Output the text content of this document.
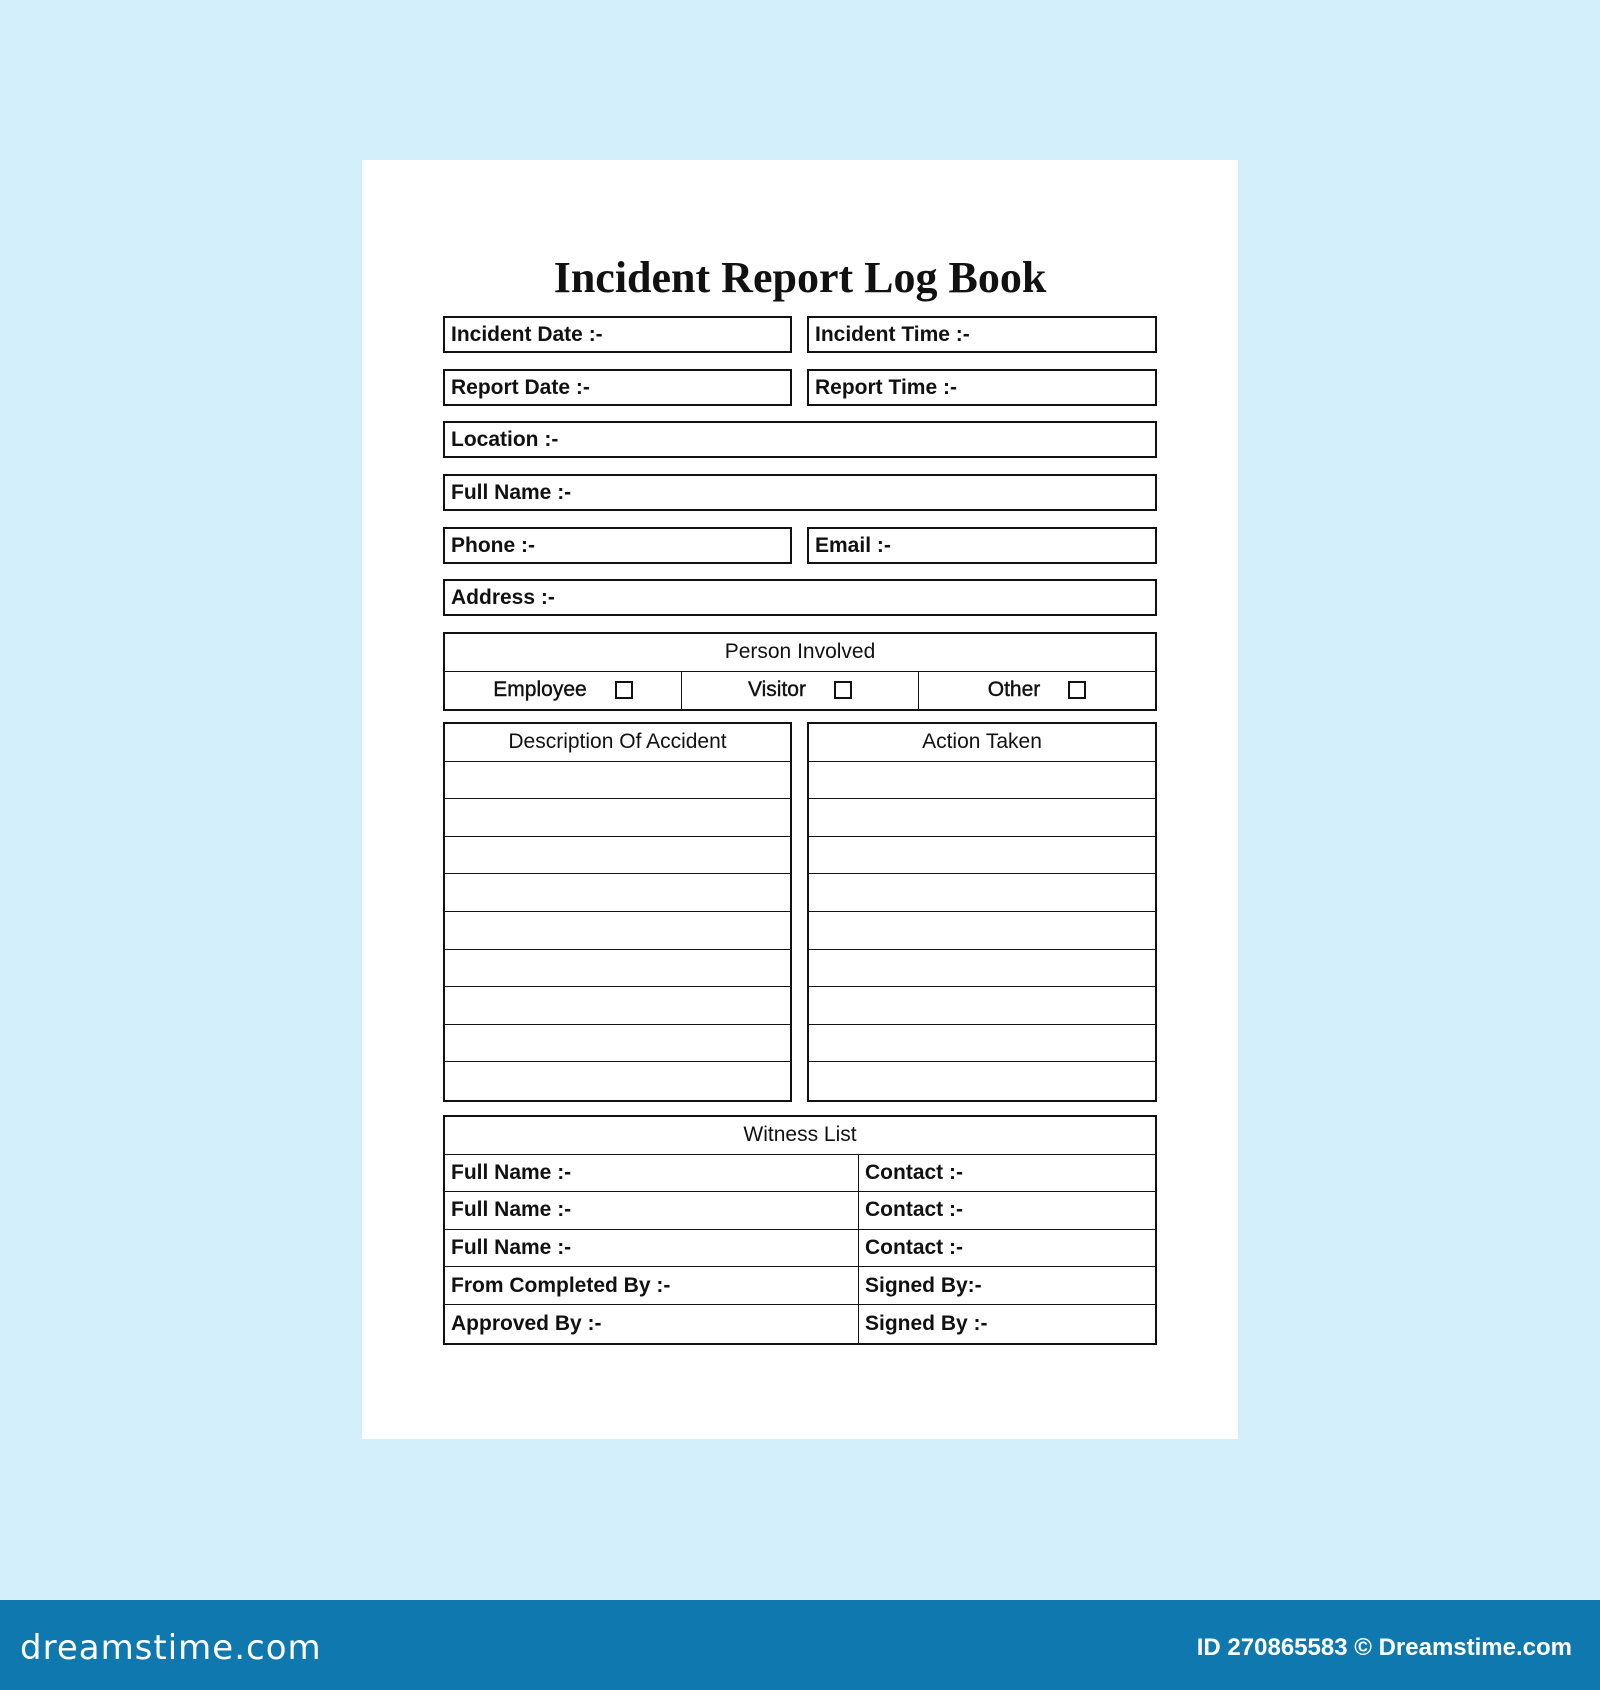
Incident Report Log Book
Incident Date :-	Incident Time :-
Report Date :-	Report Time :-
Location :-
Full Name :-
Phone :-	Email :-
Address :-
Person Involved
Employee	Visitor	Other
Description Of Accident	Action Taken
Witness List
Full Name :-	Contact :-
Full Name :-	Contact :-
Full Name :-	Contact :-
From Completed By :-	Signed By:-
Approved By :-	Signed By :-
dreamstime.com	ID 270865583 © Dreamstime.com
